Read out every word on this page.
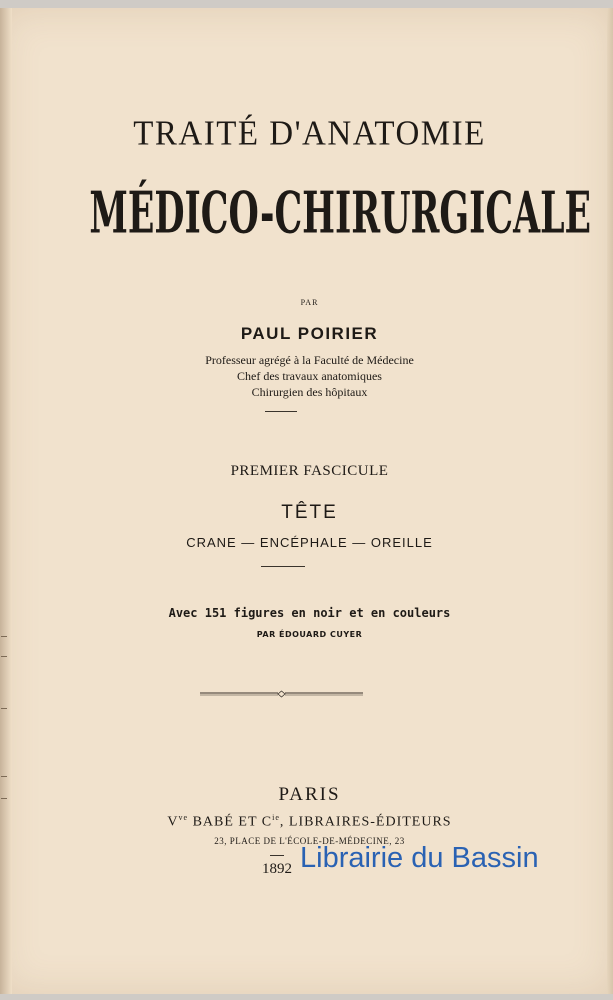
TRAITÉ D'ANATOMIE
MÉDICO-CHIRURGICALE
PAR
PAUL POIRIER
Professeur agrégé à la Faculté de Médecine
Chef des travaux anatomiques
Chirurgien des hôpitaux
PREMIER FASCICULE
TÊTE
CRANE — ENCÉPHALE — OREILLE
Avec 151 figures en noir et en couleurs
PAR ÉDOUARD CUYER
PARIS
$V^{ve}$ BABÉ ET $C^{ie}$, LIBRAIRES-ÉDITEURS
23, PLACE DE L'ÉCOLE-DE-MÉDECINE, 23
1892 Librairie du Bassin
